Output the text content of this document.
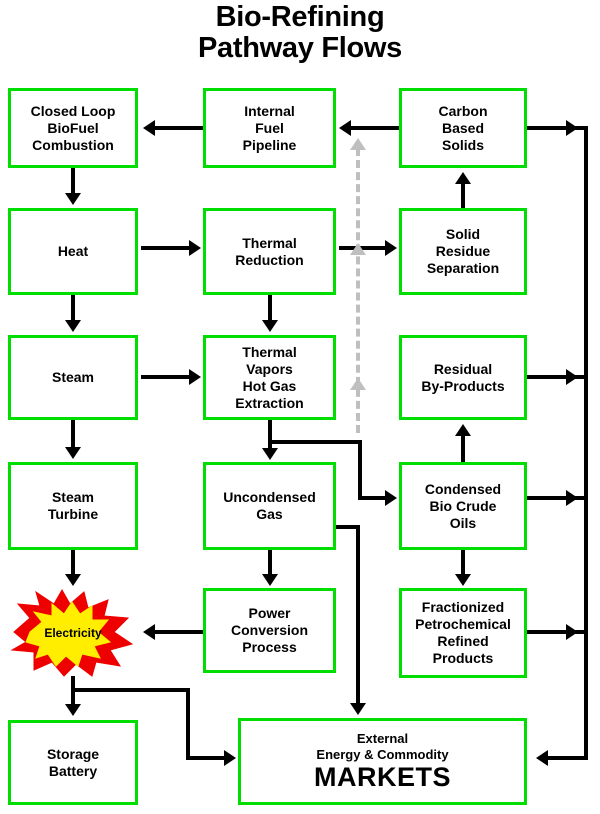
Bio-Refining
Pathway Flows
Closed Loop
BioFuel
Combustion
Internal
Fuel
Pipeline
Carbon
Based
Solids
Heat
Thermal
Reduction
Solid
Residue
Separation
Steam
Thermal
Vapors
Hot Gas
Extraction
Residual
By-Products
Steam
Turbine
Uncondensed
Gas
Condensed
Bio Crude
Oils
Electricity
Power
Conversion
Process
Fractionized
Petrochemical
Refined
Products
Storage
Battery
External
Energy & Commodity
MARKETS
